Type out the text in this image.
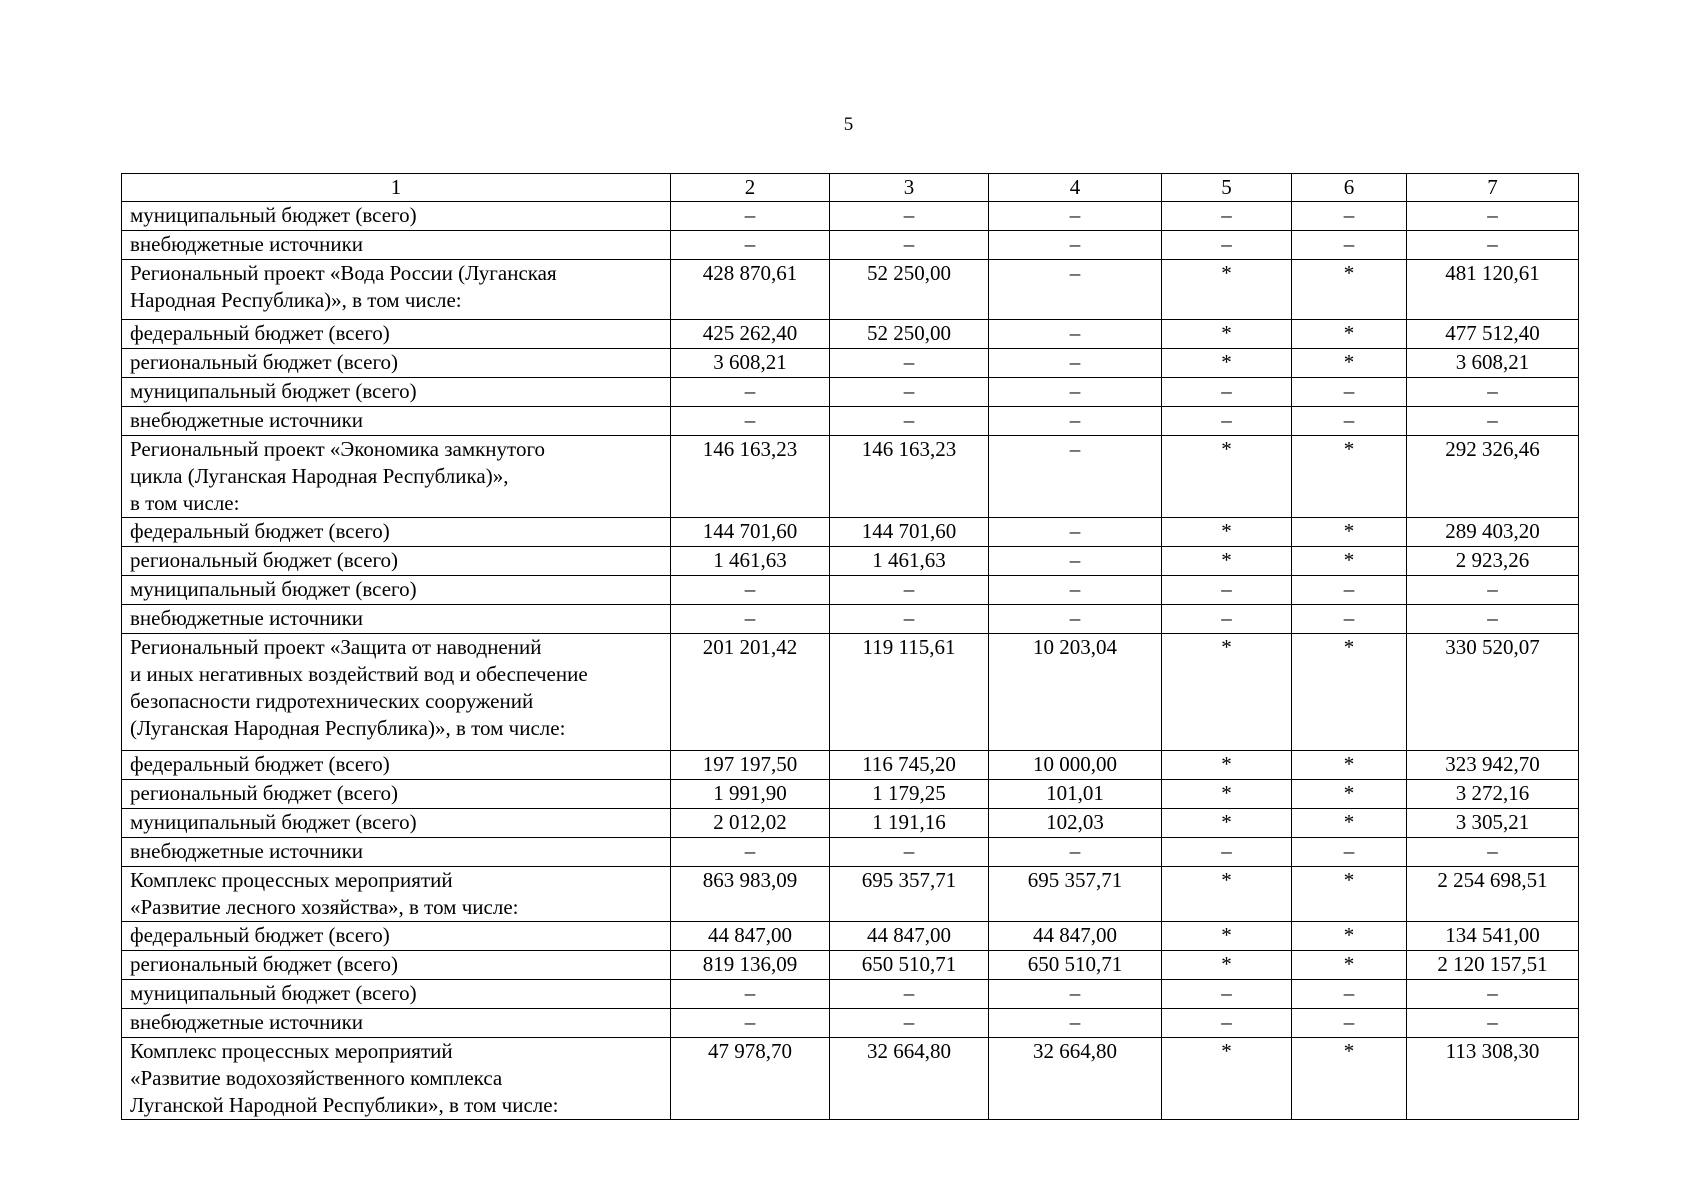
5
1	2	3	4	5	6	7
муниципальный бюджет (всего)	–	–	–	–	–	–
внебюджетные источники	–	–	–	–	–	–
Региональный проект «Вода России (Луганская
Народная Республика)», в том числе:	428 870,61	52 250,00	–	*	*	481 120,61
федеральный бюджет (всего)	425 262,40	52 250,00	–	*	*	477 512,40
региональный бюджет (всего)	3 608,21	–	–	*	*	3 608,21
муниципальный бюджет (всего)	–	–	–	–	–	–
внебюджетные источники	–	–	–	–	–	–
Региональный проект «Экономика замкнутого
цикла (Луганская Народная Республика)»,
в том числе:	146 163,23	146 163,23	–	*	*	292 326,46
федеральный бюджет (всего)	144 701,60	144 701,60	–	*	*	289 403,20
региональный бюджет (всего)	1 461,63	1 461,63	–	*	*	2 923,26
муниципальный бюджет (всего)	–	–	–	–	–	–
внебюджетные источники	–	–	–	–	–	–
Региональный проект «Защита от наводнений
и иных негативных воздействий вод и обеспечение
безопасности гидротехнических сооружений
(Луганская Народная Республика)», в том числе:	201 201,42	119 115,61	10 203,04	*	*	330 520,07
федеральный бюджет (всего)	197 197,50	116 745,20	10 000,00	*	*	323 942,70
региональный бюджет (всего)	1 991,90	1 179,25	101,01	*	*	3 272,16
муниципальный бюджет (всего)	2 012,02	1 191,16	102,03	*	*	3 305,21
внебюджетные источники	–	–	–	–	–	–
Комплекс процессных мероприятий
«Развитие лесного хозяйства», в том числе:	863 983,09	695 357,71	695 357,71	*	*	2 254 698,51
федеральный бюджет (всего)	44 847,00	44 847,00	44 847,00	*	*	134 541,00
региональный бюджет (всего)	819 136,09	650 510,71	650 510,71	*	*	2 120 157,51
муниципальный бюджет (всего)	–	–	–	–	–	–
внебюджетные источники	–	–	–	–	–	–
Комплекс процессных мероприятий
«Развитие водохозяйственного комплекса
Луганской Народной Республики», в том числе:	47 978,70	32 664,80	32 664,80	*	*	113 308,30
